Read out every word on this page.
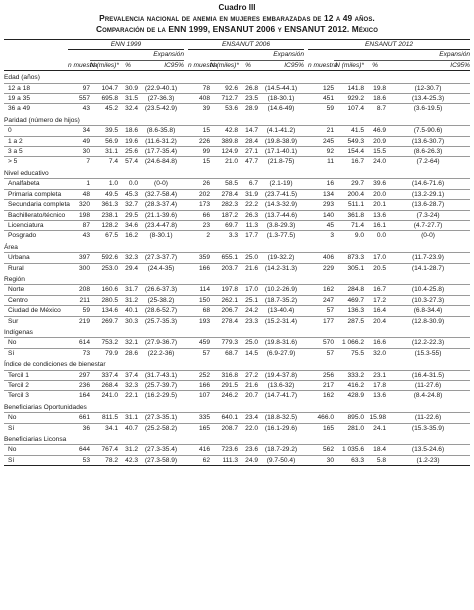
Cuadro III
Prevalencia nacional de anemia en mujeres embarazadas de 12 a 49 años.
Comparación de la ENN 1999, ENSANUT 2006 y ENSANUT 2012. México
	ENN 1999					ENSANUT 2006					ENSANUT 2012			
		Expansión					Expansión					Expansión		
	n muestra	N (miles)*	%	IC95%		n muestra	N (miles)*	%	IC95%		n muestra	N (miles)*	%	IC95%
Edad (años)														
12 a 18	97	104.7	30.9	(22.9-40.1)		78	92.6	26.8	(14.5-44.1)		125	141.8	19.8	(12-30.7)
19 a 35	557	695.8	31.5	(27-36.3)		408	712.7	23.5	(18-30.1)		451	929.2	18.6	(13.4-25.3)
36 a 49	43	45.2	32.4	(23.5-42.9)		39	53.6	28.9	(14.6-49)		59	107.4	8.7	(3.6-19.5)
Paridad (número de hijos)														
0	34	39.5	18.6	(8.6-35.8)		15	42.8	14.7	(4.1-41.2)		21	41.5	46.9	(7.5-90.6)
1 a 2	49	56.9	19.6	(11.6-31.2)		226	389.8	28.4	(19.8-38.9)		245	549.3	20.9	(13.6-30.7)
3 a 5	30	31.1	25.6	(17.7-35.4)		99	124.9	27.1	(17.1-40.1)		92	154.4	15.5	(8.6-26.3)
> 5	7	7.4	57.4	(24.6-84.8)		15	21.0	47.7	(21.8-75)		11	16.7	24.0	(7.2-64)
Nivel educativo														
Analfabeta	1	1.0	0.0	(0-0)		26	58.5	6.7	(2.1-19)		16	29.7	39.6	(14.6-71.6)
Primaria completa	48	49.5	45.3	(32.7-58.4)		202	278.4	31.9	(23.7-41.5)		134	200.4	20.0	(13.2-29.1)
Secundaria completa	320	361.3	32.7	(28.3-37.4)		173	282.3	22.2	(14.3-32.9)		293	511.1	20.1	(13.6-28.7)
Bachillerato/técnico	198	238.1	29.5	(21.1-39.6)		66	187.2	26.3	(13.7-44.6)		140	361.8	13.6	(7.3-24)
Licenciatura	87	128.2	34.6	(23.4-47.8)		23	69.7	11.3	(3.8-29.3)		45	71.4	16.1	(4.7-27.7)
Posgrado	43	67.5	16.2	(8-30.1)		2	3.3	17.7	(1.3-77.5)		3	9.0	0.0	(0-0)
Área														
Urbana	397	592.6	32.3	(27.3-37.7)		359	655.1	25.0	(19-32.2)		406	873.3	17.0	(11.7-23.9)
Rural	300	253.0	29.4	(24.4-35)		166	203.7	21.6	(14.2-31.3)		229	305.1	20.5	(14.1-28.7)
Región														
Norte	208	160.6	31.7	(26.6-37.3)		114	197.8	17.0	(10.2-26.9)		162	284.8	16.7	(10.4-25.8)
Centro	211	280.5	31.2	(25-38.2)		150	262.1	25.1	(18.7-35.2)		247	469.7	17.2	(10.3-27.3)
Ciudad de México	59	134.6	40.1	(28.6-52.7)		68	206.7	24.2	(13-40.4)		57	136.3	16.4	(6.8-34.4)
Sur	219	269.7	30.3	(25.7-35.3)		193	278.4	23.3	(15.2-31.4)		177	287.5	20.4	(12.8-30.9)
Indígenas														
No	614	753.2	32.1	(27.9-36.7)		459	779.3	25.0	(19.8-31.6)		570	1 066.2	16.6	(12.2-22.3)
Sí	73	79.9	28.6	(22.2-36)		57	68.7	14.5	(6.9-27.9)		57	75.5	32.0	(15.3-55)
Índice de condiciones de bienestar														
Tercil 1	297	337.4	37.4	(31.7-43.1)		252	316.8	27.2	(19.4-37.8)		256	333.2	23.1	(16.4-31.5)
Tercil 2	236	268.4	32.3	(25.7-39.7)		166	291.5	21.6	(13.6-32)		217	416.2	17.8	(11-27.6)
Tercil 3	164	241.0	22.1	(16.2-29.5)		107	246.2	20.7	(14.7-41.7)		162	428.9	13.6	(8.4-24.8)
Beneficiarias Oportunidades														
No	661	811.5	31.1	(27.3-35.1)		335	640.1	23.4	(18.8-32.5)		466.0	895.0	15.98	(11-22.6)
Sí	36	34.1	40.7	(25.2-58.2)		165	208.7	22.0	(16.1-29.6)		165	281.0	24.1	(15.3-35.9)
Beneficiarias Liconsa														
No	644	767.4	31.2	(27.3-35.4)		416	723.6	23.6	(18.7-29.2)		562	1 035.6	18.4	(13.5-24.6)
Sí	53	78.2	42.3	(27.3-58.9)		62	111.3	24.9	(9.7-50.4)		30	63.3	5.8	(1.2-23)
